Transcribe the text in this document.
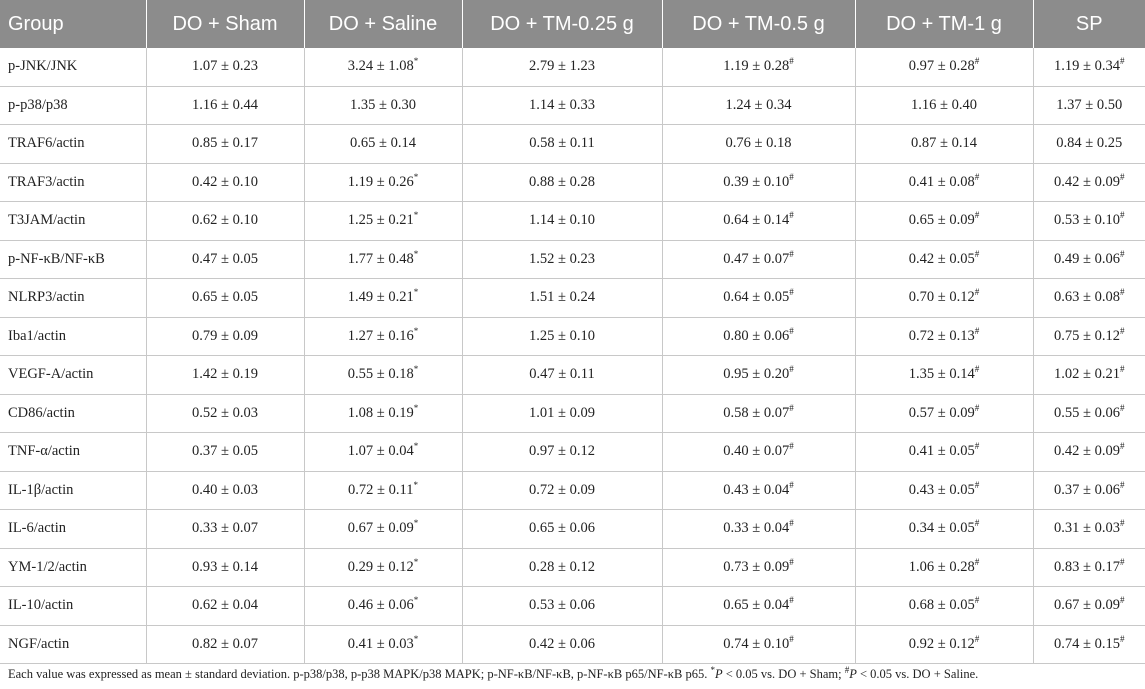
Group	DO + Sham	DO + Saline	DO + TM-0.25 g	DO + TM-0.5 g	DO + TM-1 g	SP
p-JNK/JNK	1.07 ± 0.23	3.24 ± 1.08*	2.79 ± 1.23	1.19 ± 0.28#	0.97 ± 0.28#	1.19 ± 0.34#
p-p38/p38	1.16 ± 0.44	1.35 ± 0.30	1.14 ± 0.33	1.24 ± 0.34	1.16 ± 0.40	1.37 ± 0.50
TRAF6/actin	0.85 ± 0.17	0.65 ± 0.14	0.58 ± 0.11	0.76 ± 0.18	0.87 ± 0.14	0.84 ± 0.25
TRAF3/actin	0.42 ± 0.10	1.19 ± 0.26*	0.88 ± 0.28	0.39 ± 0.10#	0.41 ± 0.08#	0.42 ± 0.09#
T3JAM/actin	0.62 ± 0.10	1.25 ± 0.21*	1.14 ± 0.10	0.64 ± 0.14#	0.65 ± 0.09#	0.53 ± 0.10#
p-NF-κB/NF-κB	0.47 ± 0.05	1.77 ± 0.48*	1.52 ± 0.23	0.47 ± 0.07#	0.42 ± 0.05#	0.49 ± 0.06#
NLRP3/actin	0.65 ± 0.05	1.49 ± 0.21*	1.51 ± 0.24	0.64 ± 0.05#	0.70 ± 0.12#	0.63 ± 0.08#
Iba1/actin	0.79 ± 0.09	1.27 ± 0.16*	1.25 ± 0.10	0.80 ± 0.06#	0.72 ± 0.13#	0.75 ± 0.12#
VEGF-A/actin	1.42 ± 0.19	0.55 ± 0.18*	0.47 ± 0.11	0.95 ± 0.20#	1.35 ± 0.14#	1.02 ± 0.21#
CD86/actin	0.52 ± 0.03	1.08 ± 0.19*	1.01 ± 0.09	0.58 ± 0.07#	0.57 ± 0.09#	0.55 ± 0.06#
TNF-α/actin	0.37 ± 0.05	1.07 ± 0.04*	0.97 ± 0.12	0.40 ± 0.07#	0.41 ± 0.05#	0.42 ± 0.09#
IL-1β/actin	0.40 ± 0.03	0.72 ± 0.11*	0.72 ± 0.09	0.43 ± 0.04#	0.43 ± 0.05#	0.37 ± 0.06#
IL-6/actin	0.33 ± 0.07	0.67 ± 0.09*	0.65 ± 0.06	0.33 ± 0.04#	0.34 ± 0.05#	0.31 ± 0.03#
YM-1/2/actin	0.93 ± 0.14	0.29 ± 0.12*	0.28 ± 0.12	0.73 ± 0.09#	1.06 ± 0.28#	0.83 ± 0.17#
IL-10/actin	0.62 ± 0.04	0.46 ± 0.06*	0.53 ± 0.06	0.65 ± 0.04#	0.68 ± 0.05#	0.67 ± 0.09#
NGF/actin	0.82 ± 0.07	0.41 ± 0.03*	0.42 ± 0.06	0.74 ± 0.10#	0.92 ± 0.12#	0.74 ± 0.15#
Each value was expressed as mean ± standard deviation. p-p38/p38, p-p38 MAPK/p38 MAPK; p-NF-κB/NF-κB, p-NF-κB p65/NF-κB p65. *P < 0.05 vs. DO + Sham; #P < 0.05 vs. DO + Saline.
